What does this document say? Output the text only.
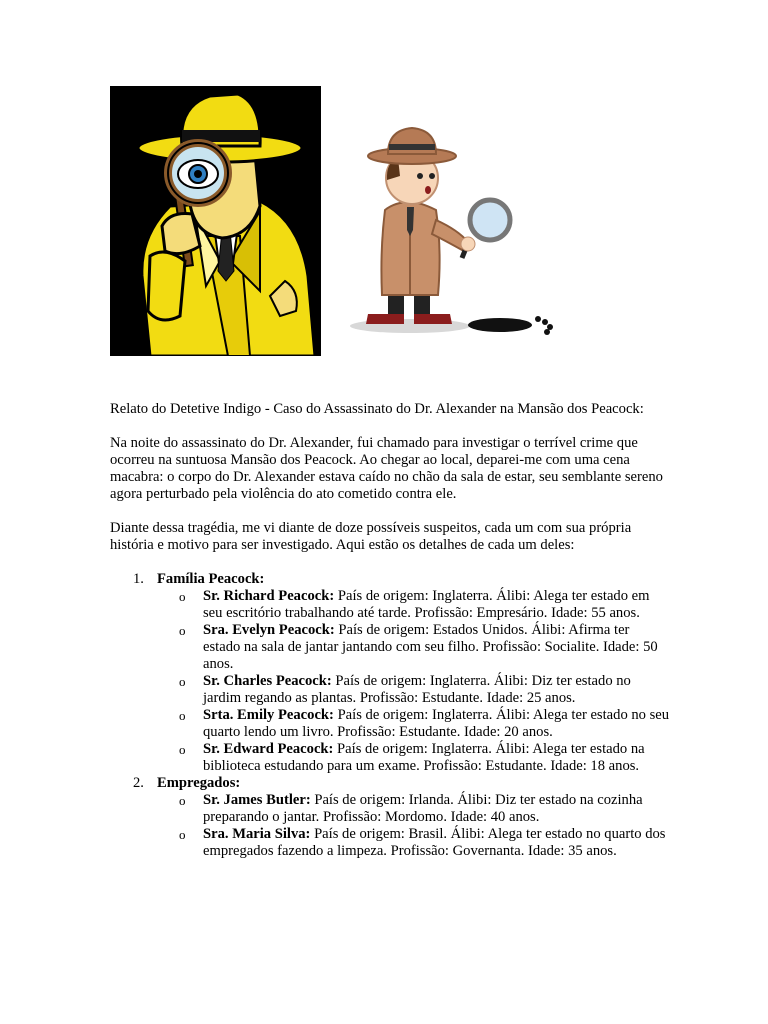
Relato do Detetive Indigo - Caso do Assassinato do Dr. Alexander na Mansão dos Peacock:

Na noite do assassinato do Dr. Alexander, fui chamado para investigar o terrível crime que ocorreu na suntuosa Mansão dos Peacock. Ao chegar ao local, deparei-me com uma cena macabra: o corpo do Dr. Alexander estava caído no chão da sala de estar, seu semblante sereno agora perturbado pela violência do ato cometido contra ele.

Diante dessa tragédia, me vi diante de doze possíveis suspeitos, cada um com sua própria história e motivo para ser investigado. Aqui estão os detalhes de cada um deles:

1. Família Peacock:
o Sr. Richard Peacock: País de origem: Inglaterra. Álibi: Alega ter estado em seu escritório trabalhando até tarde. Profissão: Empresário. Idade: 55 anos.
o Sra. Evelyn Peacock: País de origem: Estados Unidos. Álibi: Afirma ter estado na sala de jantar jantando com seu filho. Profissão: Socialite. Idade: 50 anos.
o Sr. Charles Peacock: País de origem: Inglaterra. Álibi: Diz ter estado no jardim regando as plantas. Profissão: Estudante. Idade: 25 anos.
o Srta. Emily Peacock: País de origem: Inglaterra. Álibi: Alega ter estado no seu quarto lendo um livro. Profissão: Estudante. Idade: 20 anos.
o Sr. Edward Peacock: País de origem: Inglaterra. Álibi: Alega ter estado na biblioteca estudando para um exame. Profissão: Estudante. Idade: 18 anos.
2. Empregados:
o Sr. James Butler: País de origem: Irlanda. Álibi: Diz ter estado na cozinha preparando o jantar. Profissão: Mordomo. Idade: 40 anos.
o Sra. Maria Silva: País de origem: Brasil. Álibi: Alega ter estado no quarto dos empregados fazendo a limpeza. Profissão: Governanta. Idade: 35 anos.
